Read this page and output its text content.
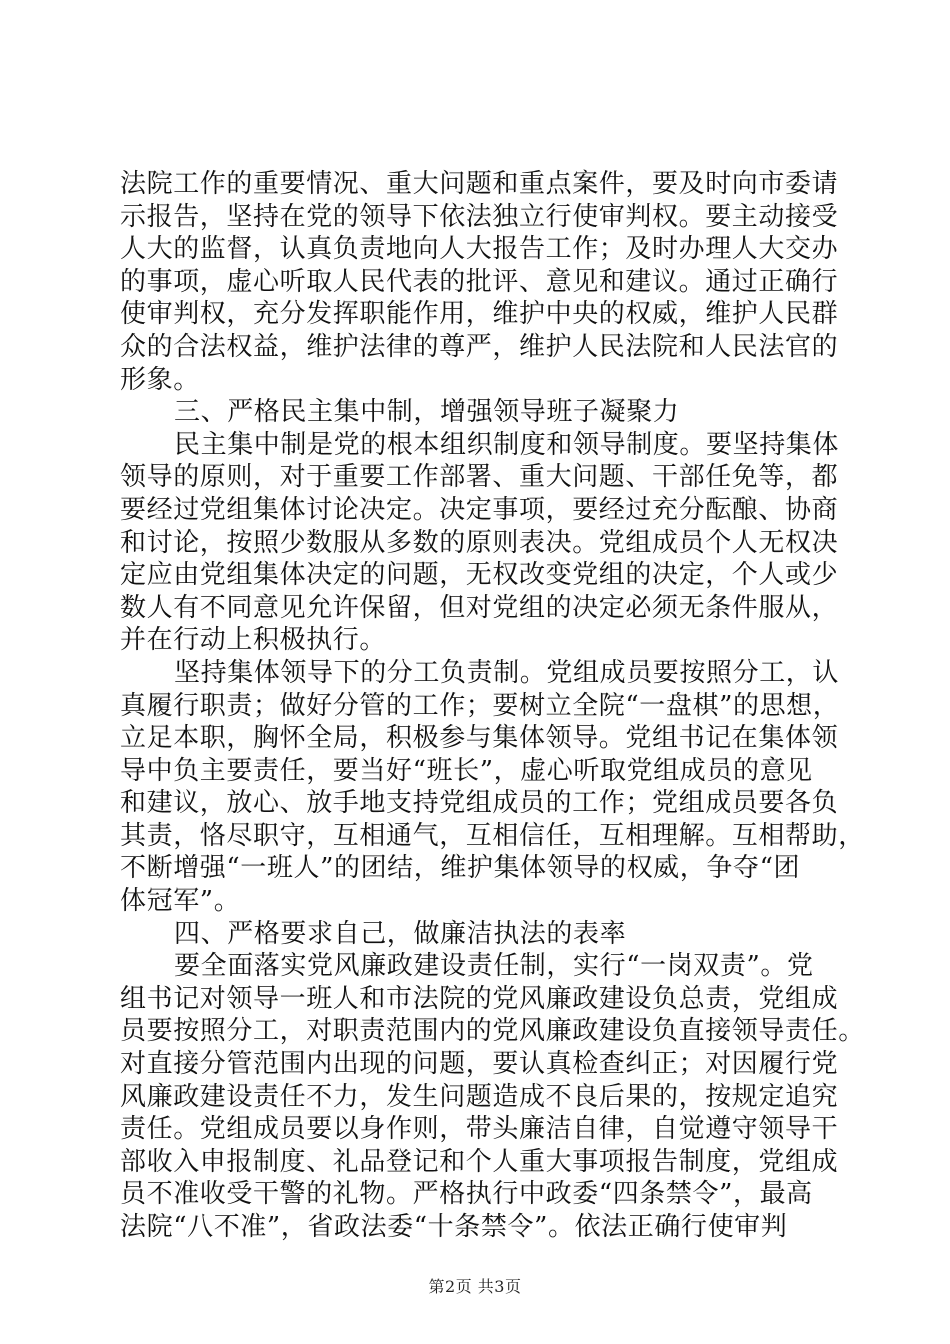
法院工作的重要情况、重大问题和重点案件，要及时向市委请
示报告，坚持在党的领导下依法独立行使审判权。要主动接受
人大的监督，认真负责地向人大报告工作；及时办理人大交办
的事项，虚心听取人民代表的批评、意见和建议。通过正确行
使审判权，充分发挥职能作用，维护中央的权威，维护人民群
众的合法权益，维护法律的尊严，维护人民法院和人民法官的
形象。
三、严格民主集中制，增强领导班子凝聚力
民主集中制是党的根本组织制度和领导制度。要坚持集体
领导的原则，对于重要工作部署、重大问题、干部任免等，都
要经过党组集体讨论决定。决定事项，要经过充分酝酿、协商
和讨论，按照少数服从多数的原则表决。党组成员个人无权决
定应由党组集体决定的问题，无权改变党组的决定，个人或少
数人有不同意见允许保留，但对党组的决定必须无条件服从，
并在行动上积极执行。
坚持集体领导下的分工负责制。党组成员要按照分工，认
真履行职责；做好分管的工作；要树立全院“一盘棋”的思想，
立足本职，胸怀全局，积极参与集体领导。党组书记在集体领
导中负主要责任，要当好“班长”，虚心听取党组成员的意见
和建议，放心、放手地支持党组成员的工作；党组成员要各负
其责，恪尽职守，互相通气，互相信任，互相理解。互相帮助，
不断增强“一班人”的团结，维护集体领导的权威，争夺“团
体冠军”。
四、严格要求自己，做廉洁执法的表率
要全面落实党风廉政建设责任制，实行“一岗双责”。党
组书记对领导一班人和市法院的党风廉政建设负总责，党组成
员要按照分工，对职责范围内的党风廉政建设负直接领导责任。
对直接分管范围内出现的问题，要认真检查纠正；对因履行党
风廉政建设责任不力，发生问题造成不良后果的，按规定追究
责任。党组成员要以身作则，带头廉洁自律，自觉遵守领导干
部收入申报制度、礼品登记和个人重大事项报告制度，党组成
员不准收受干警的礼物。严格执行中政委“四条禁令”，最高
法院“八不准”，省政法委“十条禁令”。依法正确行使审判
第2页 共3页
